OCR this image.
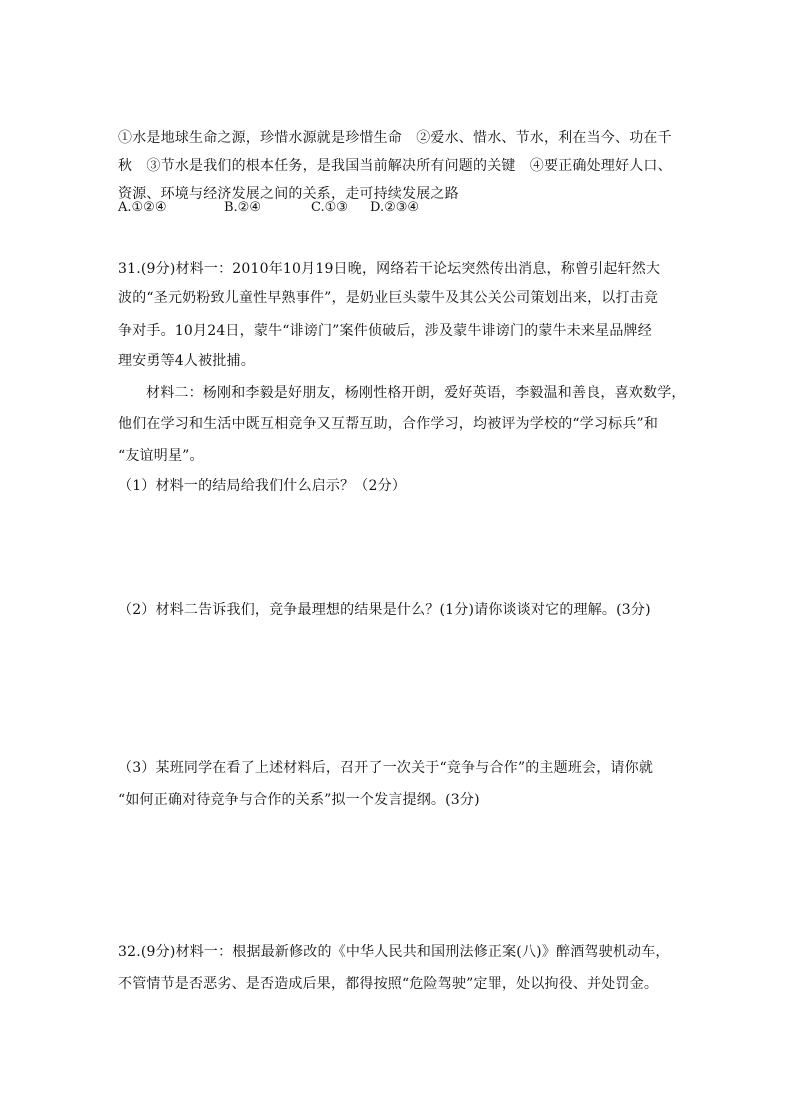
①水是地球生命之源，珍惜水源就是珍惜生命　②爱水、惜水、节水，利在当今、功在千
秋　③节水是我们的根本任务，是我国当前解决所有问题的关键　④要正确处理好人口、
资源、环境与经济发展之间的关系，走可持续发展之路
A.①②④	B.②④	C.①③ D.②③④
31.(9分)材料一：2010年10月19日晚，网络若干论坛突然传出消息，称曾引起轩然大
波的“圣元奶粉致儿童性早熟事件”，是奶业巨头蒙牛及其公关公司策划出来，以打击竞
争对手。10月24日，蒙牛“诽谤门”案件侦破后，涉及蒙牛诽谤门的蒙牛未来星品牌经
理安勇等4人被批捕。
材料二：杨刚和李毅是好朋友，杨刚性格开朗，爱好英语，李毅温和善良，喜欢数学，
他们在学习和生活中既互相竞争又互帮互助，合作学习，均被评为学校的“学习标兵”和
“友谊明星”。
（1）材料一的结局给我们什么启示？（2分）
（2）材料二告诉我们，竞争最理想的结果是什么？(1分)请你谈谈对它的理解。(3分)
（3）某班同学在看了上述材料后，召开了一次关于“竞争与合作”的主题班会，请你就
“如何正确对待竞争与合作的关系”拟一个发言提纲。(3分)
32.(9分)材料一：根据最新修改的《中华人民共和国刑法修正案(八)》醉酒驾驶机动车，
不管情节是否恶劣、是否造成后果，都得按照“危险驾驶”定罪，处以拘役、并处罚金。
